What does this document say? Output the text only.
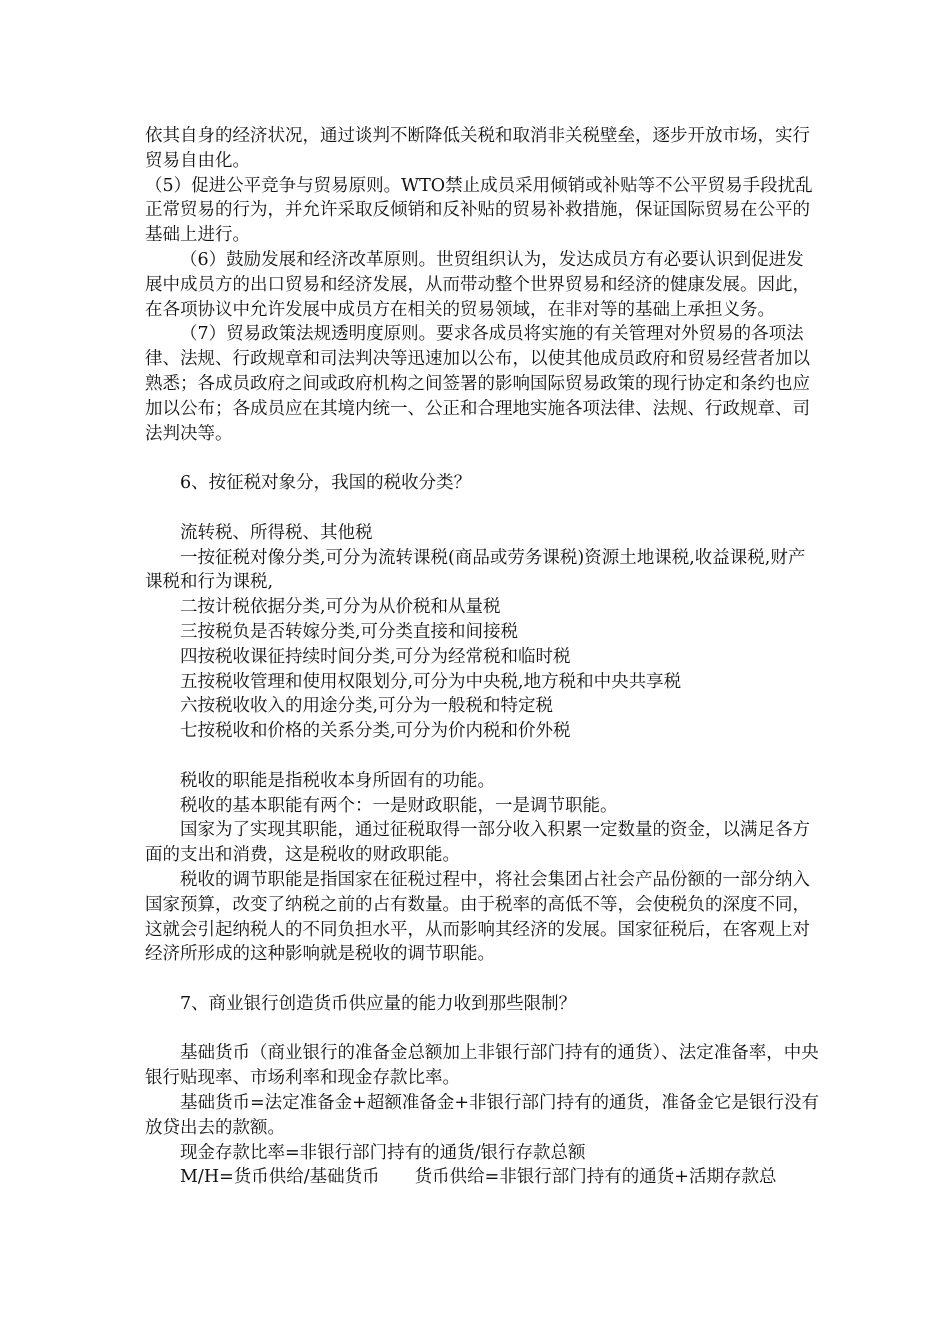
依其自身的经济状况，通过谈判不断降低关税和取消非关税壁垒，逐步开放市场，实行贸易自由化。

（5）促进公平竞争与贸易原则。WTO禁止成员采用倾销或补贴等不公平贸易手段扰乱正常贸易的行为，并允许采取反倾销和反补贴的贸易补救措施，保证国际贸易在公平的基础上进行。

（6）鼓励发展和经济改革原则。世贸组织认为，发达成员方有必要认识到促进发展中成员方的出口贸易和经济发展，从而带动整个世界贸易和经济的健康发展。因此，在各项协议中允许发展中成员方在相关的贸易领域，在非对等的基础上承担义务。

（7）贸易政策法规透明度原则。要求各成员将实施的有关管理对外贸易的各项法律、法规、行政规章和司法判决等迅速加以公布，以使其他成员政府和贸易经营者加以熟悉；各成员政府之间或政府机构之间签署的影响国际贸易政策的现行协定和条约也应加以公布；各成员应在其境内统一、公正和合理地实施各项法律、法规、行政规章、司法判决等。

6、按征税对象分，我国的税收分类？

流转税、所得税、其他税

一按征税对像分类,可分为流转课税(商品或劳务课税)资源土地课税,收益课税,财产课税和行为课税,

二按计税依据分类,可分为从价税和从量税

三按税负是否转嫁分类,可分类直接和间接税

四按税收课征持续时间分类,可分为经常税和临时税

五按税收管理和使用权限划分,可分为中央税,地方税和中央共享税

六按税收收入的用途分类,可分为一般税和特定税

七按税收和价格的关系分类,可分为价内税和价外税

税收的职能是指税收本身所固有的功能。

税收的基本职能有两个：一是财政职能，一是调节职能。

国家为了实现其职能，通过征税取得一部分收入积累一定数量的资金，以满足各方面的支出和消费，这是税收的财政职能。

税收的调节职能是指国家在征税过程中，将社会集团占社会产品份额的一部分纳入国家预算，改变了纳税之前的占有数量。由于税率的高低不等，会使税负的深度不同，这就会引起纳税人的不同负担水平，从而影响其经济的发展。国家征税后，在客观上对经济所形成的这种影响就是税收的调节职能。

7、商业银行创造货币供应量的能力收到那些限制？

基础货币（商业银行的准备金总额加上非银行部门持有的通货）、法定准备率，中央银行贴现率、市场利率和现金存款比率。

基础货币=法定准备金+超额准备金+非银行部门持有的通货，准备金它是银行没有放贷出去的款额。

现金存款比率=非银行部门持有的通货/银行存款总额

M/H=货币供给/基础货币　　货币供给=非银行部门持有的通货+活期存款总
